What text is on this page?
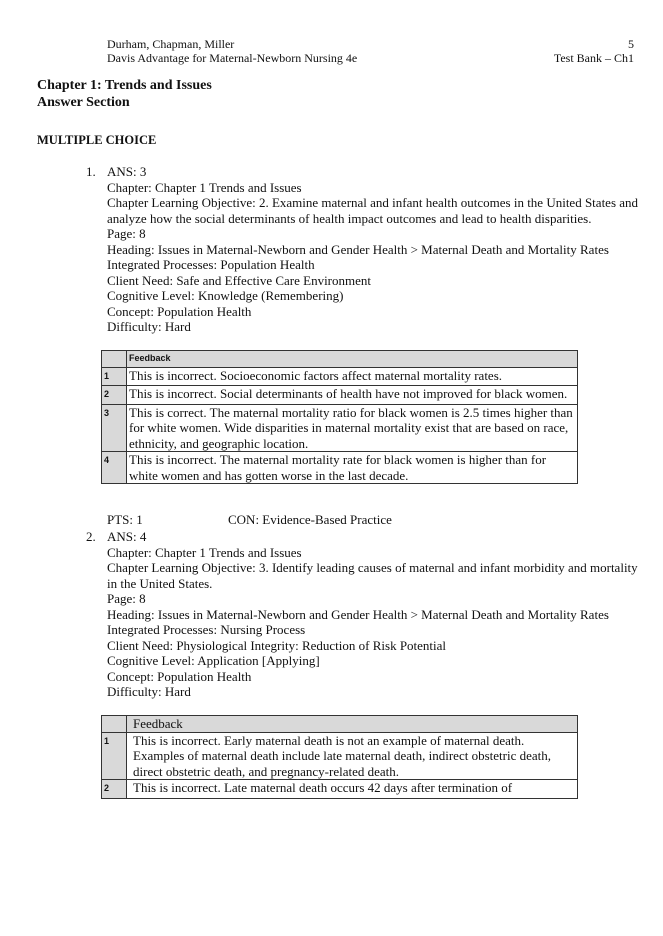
Durham, Chapman, Miller
Davis Advantage for Maternal-Newborn Nursing 4e
5
Test Bank – Ch1
Chapter 1: Trends and Issues
Answer Section
MULTIPLE CHOICE
1. ANS: 3
Chapter: Chapter 1 Trends and Issues
Chapter Learning Objective: 2. Examine maternal and infant health outcomes in the United States and analyze how the social determinants of health impact outcomes and lead to health disparities.
Page: 8
Heading: Issues in Maternal-Newborn and Gender Health > Maternal Death and Mortality Rates
Integrated Processes: Population Health
Client Need: Safe and Effective Care Environment
Cognitive Level: Knowledge (Remembering)
Concept: Population Health
Difficulty: Hard
	Feedback
1	This is incorrect. Socioeconomic factors affect maternal mortality rates.
2	This is incorrect. Social determinants of health have not improved for black women.
3	This is correct. The maternal mortality ratio for black women is 2.5 times higher than for white women. Wide disparities in maternal mortality exist that are based on race, ethnicity, and geographic location.
4	This is incorrect. The maternal mortality rate for black women is higher than for white women and has gotten worse in the last decade.
PTS: 1	CON: Evidence-Based Practice
2. ANS: 4
Chapter: Chapter 1 Trends and Issues
Chapter Learning Objective: 3. Identify leading causes of maternal and infant morbidity and mortality in the United States.
Page: 8
Heading: Issues in Maternal-Newborn and Gender Health > Maternal Death and Mortality Rates
Integrated Processes: Nursing Process
Client Need: Physiological Integrity: Reduction of Risk Potential
Cognitive Level: Application [Applying]
Concept: Population Health
Difficulty: Hard
	Feedback
1	This is incorrect. Early maternal death is not an example of maternal death. Examples of maternal death include late maternal death, indirect obstetric death, direct obstetric death, and pregnancy-related death.
2	This is incorrect. Late maternal death occurs 42 days after termination of
